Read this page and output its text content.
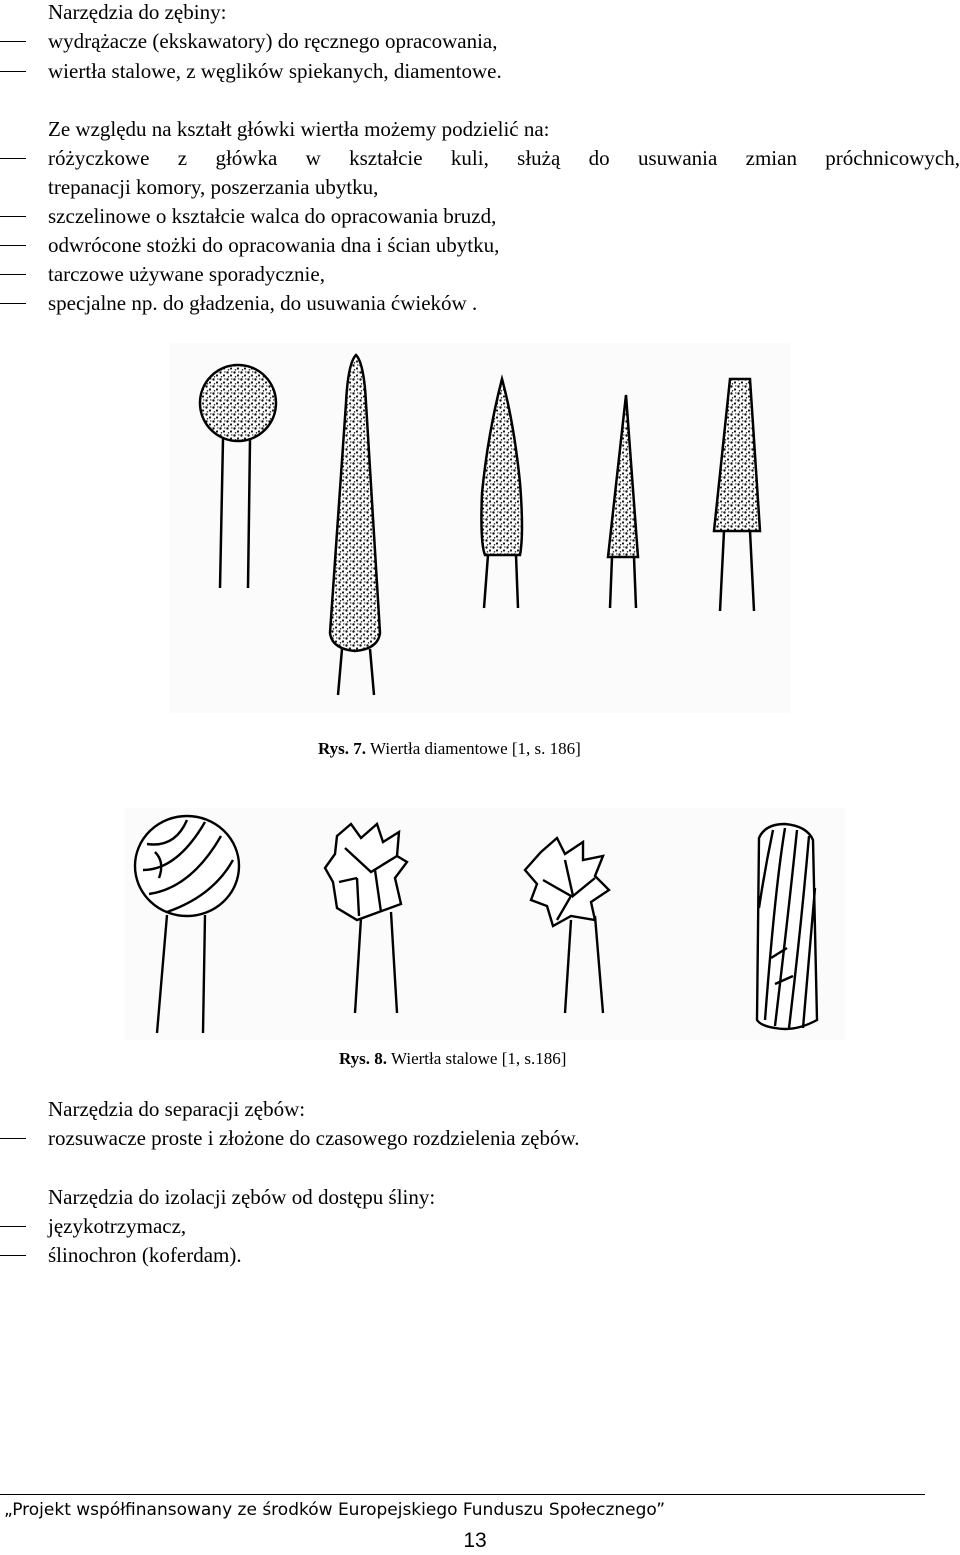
Narzędzia do zębiny:
wydrążacze (ekskawatory) do ręcznego opracowania,
wiertła stalowe, z węglików spiekanych, diamentowe.
Ze względu na kształt główki wiertła możemy podzielić na:
różyczkowe z główka w kształcie kuli, służą do usuwania zmian próchnicowych,
trepanacji komory, poszerzania ubytku,
szczelinowe o kształcie walca do opracowania bruzd,
odwrócone stożki do opracowania dna i ścian ubytku,
tarczowe używane sporadycznie,
specjalne np. do gładzenia, do usuwania ćwieków .
Rys. 7. Wiertła diamentowe [1, s. 186]
Rys. 8. Wiertła stalowe [1, s.186]
Narzędzia do separacji zębów:
rozsuwacze proste i złożone do czasowego rozdzielenia zębów.
Narzędzia do izolacji zębów od dostępu śliny:
językotrzymacz,
ślinochron (koferdam).
„Projekt współfinansowany ze środków Europejskiego Funduszu Społecznego”
13
